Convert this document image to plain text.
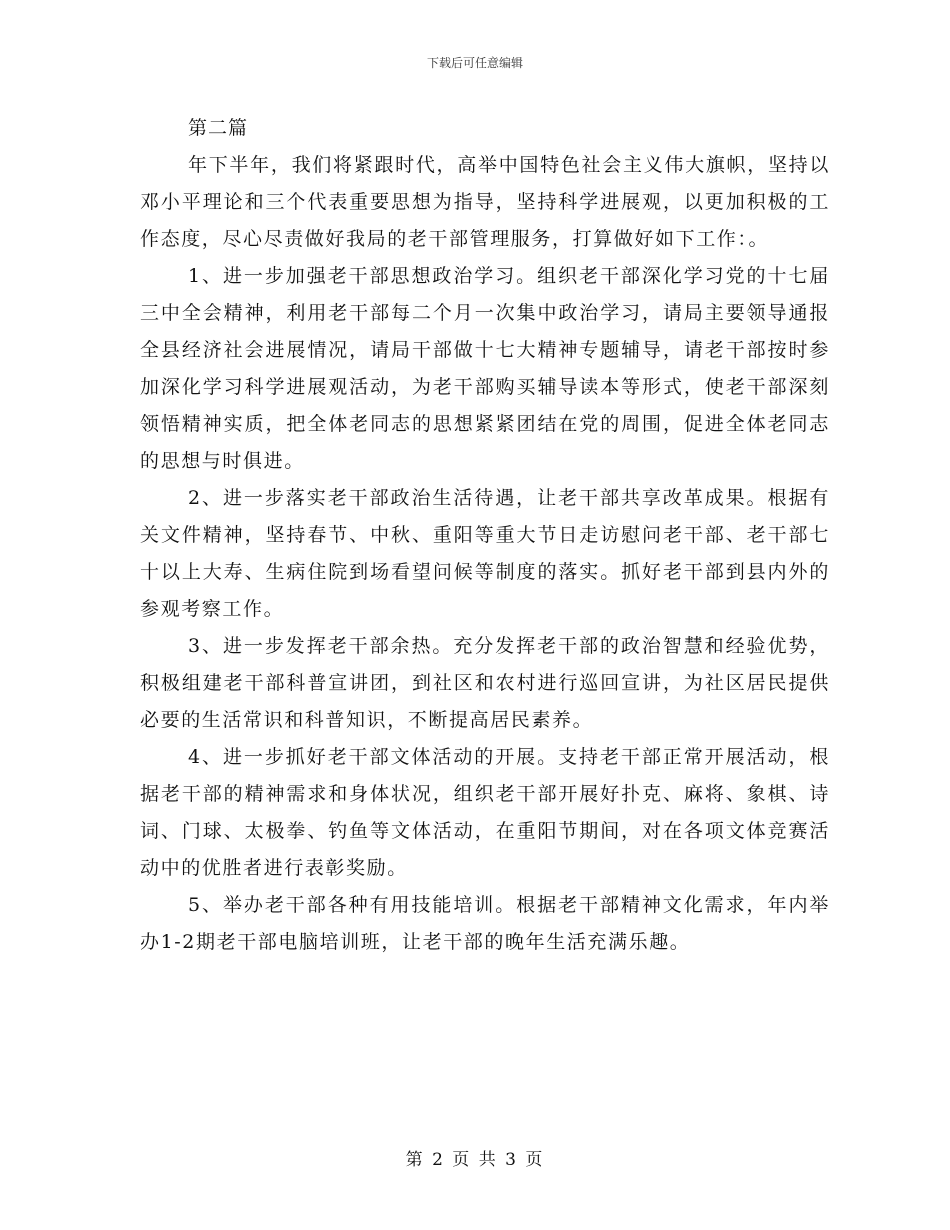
下载后可任意编辑

第二篇

年下半年，我们将紧跟时代，高举中国特色社会主义伟大旗帜，坚持以邓小平理论和三个代表重要思想为指导，坚持科学进展观，以更加积极的工作态度，尽心尽责做好我局的老干部管理服务，打算做好如下工作：。

1、进一步加强老干部思想政治学习。组织老干部深化学习党的十七届三中全会精神，利用老干部每二个月一次集中政治学习，请局主要领导通报全县经济社会进展情况，请局干部做十七大精神专题辅导，请老干部按时参加深化学习科学进展观活动，为老干部购买辅导读本等形式，使老干部深刻领悟精神实质，把全体老同志的思想紧紧团结在党的周围，促进全体老同志的思想与时俱进。

2、进一步落实老干部政治生活待遇，让老干部共享改革成果。根据有关文件精神，坚持春节、中秋、重阳等重大节日走访慰问老干部、老干部七十以上大寿、生病住院到场看望问候等制度的落实。抓好老干部到县内外的参观考察工作。

3、进一步发挥老干部余热。充分发挥老干部的政治智慧和经验优势，积极组建老干部科普宣讲团，到社区和农村进行巡回宣讲，为社区居民提供必要的生活常识和科普知识，不断提高居民素养。

4、进一步抓好老干部文体活动的开展。支持老干部正常开展活动，根据老干部的精神需求和身体状况，组织老干部开展好扑克、麻将、象棋、诗词、门球、太极拳、钓鱼等文体活动，在重阳节期间，对在各项文体竞赛活动中的优胜者进行表彰奖励。

5、举办老干部各种有用技能培训。根据老干部精神文化需求，年内举办1-2期老干部电脑培训班，让老干部的晚年生活充满乐趣。

第 2 页 共 3 页
